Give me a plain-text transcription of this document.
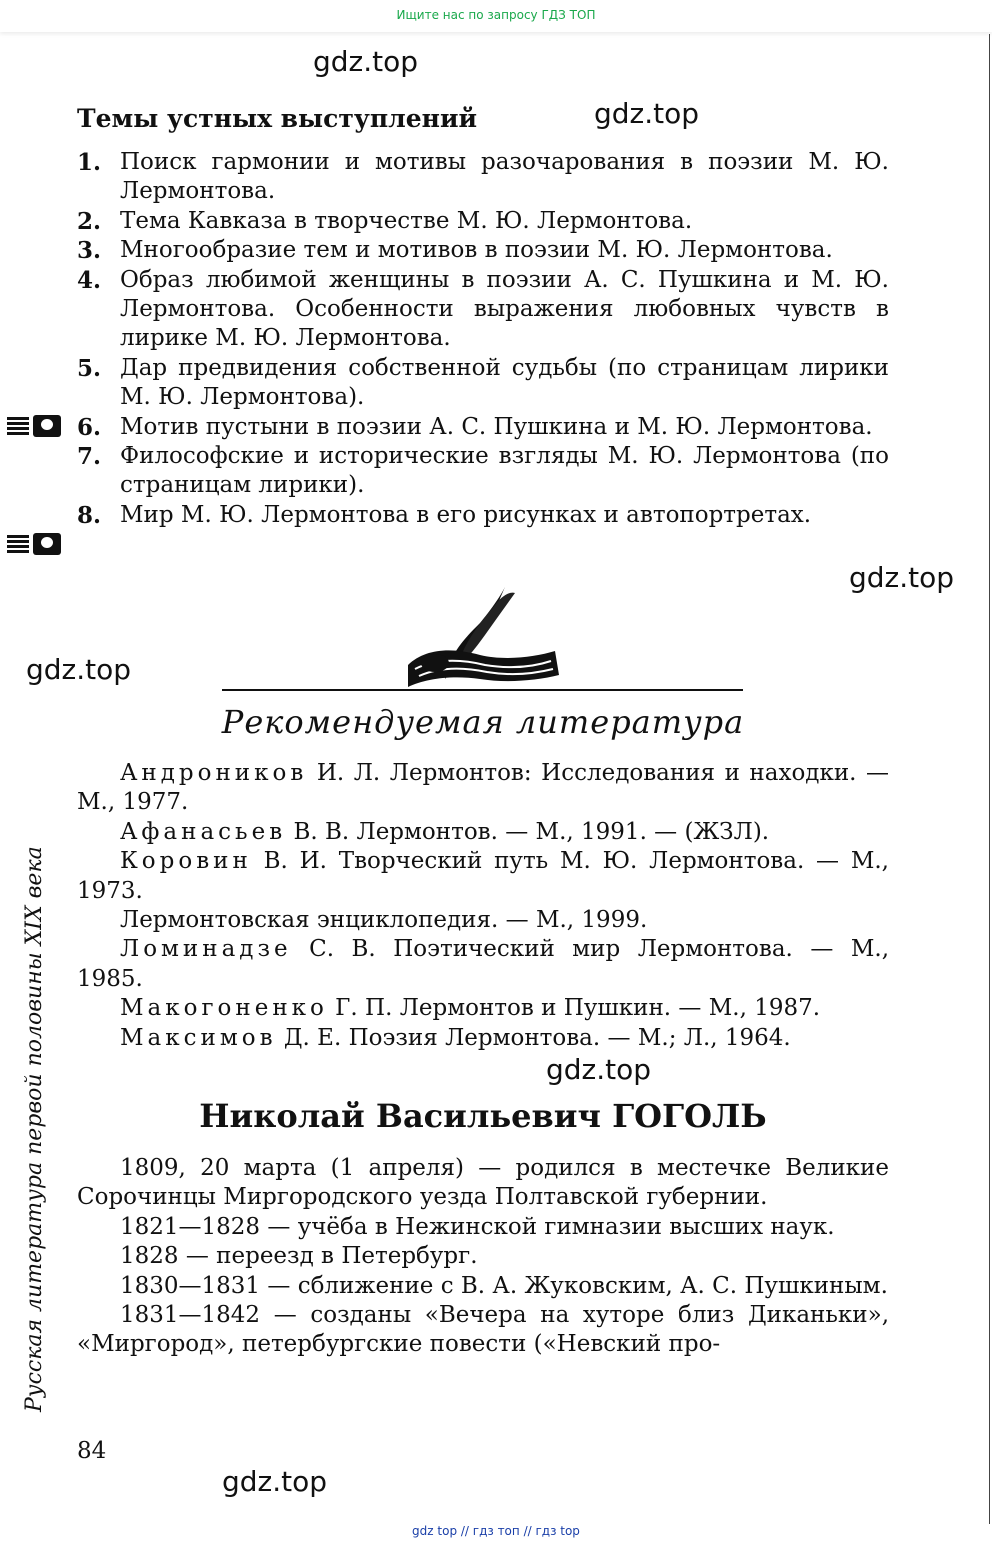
Ищите нас по запросу ГДЗ ТОП
gdz.top
gdz.top
gdz.top
gdz.top
gdz.top
gdz.top
Темы устных выступлений
1. Поиск гармонии и мотивы разочарования в поэзии М. Ю. Лермонтова.
2. Тема Кавказа в творчестве М. Ю. Лермонтова.
3. Многообразие тем и мотивов в поэзии М. Ю. Лермонтова.
4. Образ любимой женщины в поэзии А. С. Пушкина и М. Ю. Лермонтова. Особенности выражения любовных чувств в лирике М. Ю. Лермонтова.
5. Дар предвидения собственной судьбы (по страницам лирики М. Ю. Лермонтова).
6. Мотив пустыни в поэзии А. С. Пушкина и М. Ю. Лермонтова.
7. Философские и исторические взгляды М. Ю. Лермонтова (по страницам лирики).
8. Мир М. Ю. Лермонтова в его рисунках и автопортретах.
Рекомендуемая литература

Андроников И. Л. Лермонтов: Исследования и находки. — М., 1977.

Афанасьев В. В. Лермонтов. — М., 1991. — (ЖЗЛ).

Коровин В. И. Творческий путь М. Ю. Лермонтова. — М., 1973.

Лермонтовская энциклопедия. — М., 1999.

Ломинадзе С. В. Поэтический мир Лермонтова. — М., 1985.

Макогоненко Г. П. Лермонтов и Пушкин. — М., 1987.

Максимов Д. Е. Поэзия Лермонтова. — М.; Л., 1964.

Николай Васильевич ГОГОЛЬ

1809, 20 марта (1 апреля) — родился в местечке Великие Сорочинцы Миргородского уезда Полтавской губернии.

1821—1828 — учёба в Нежинской гимназии высших наук.

1828 — переезд в Петербург.

1830—1831 — сближение с В. А. Жуковским, А. С. Пушкиным.

1831—1842 — созданы «Вечера на хуторе близ Диканьки», «Миргород», петербургские повести («Невский про-

Русская литература первой половины XIX века
84
gdz top // гдз топ // гдз top
